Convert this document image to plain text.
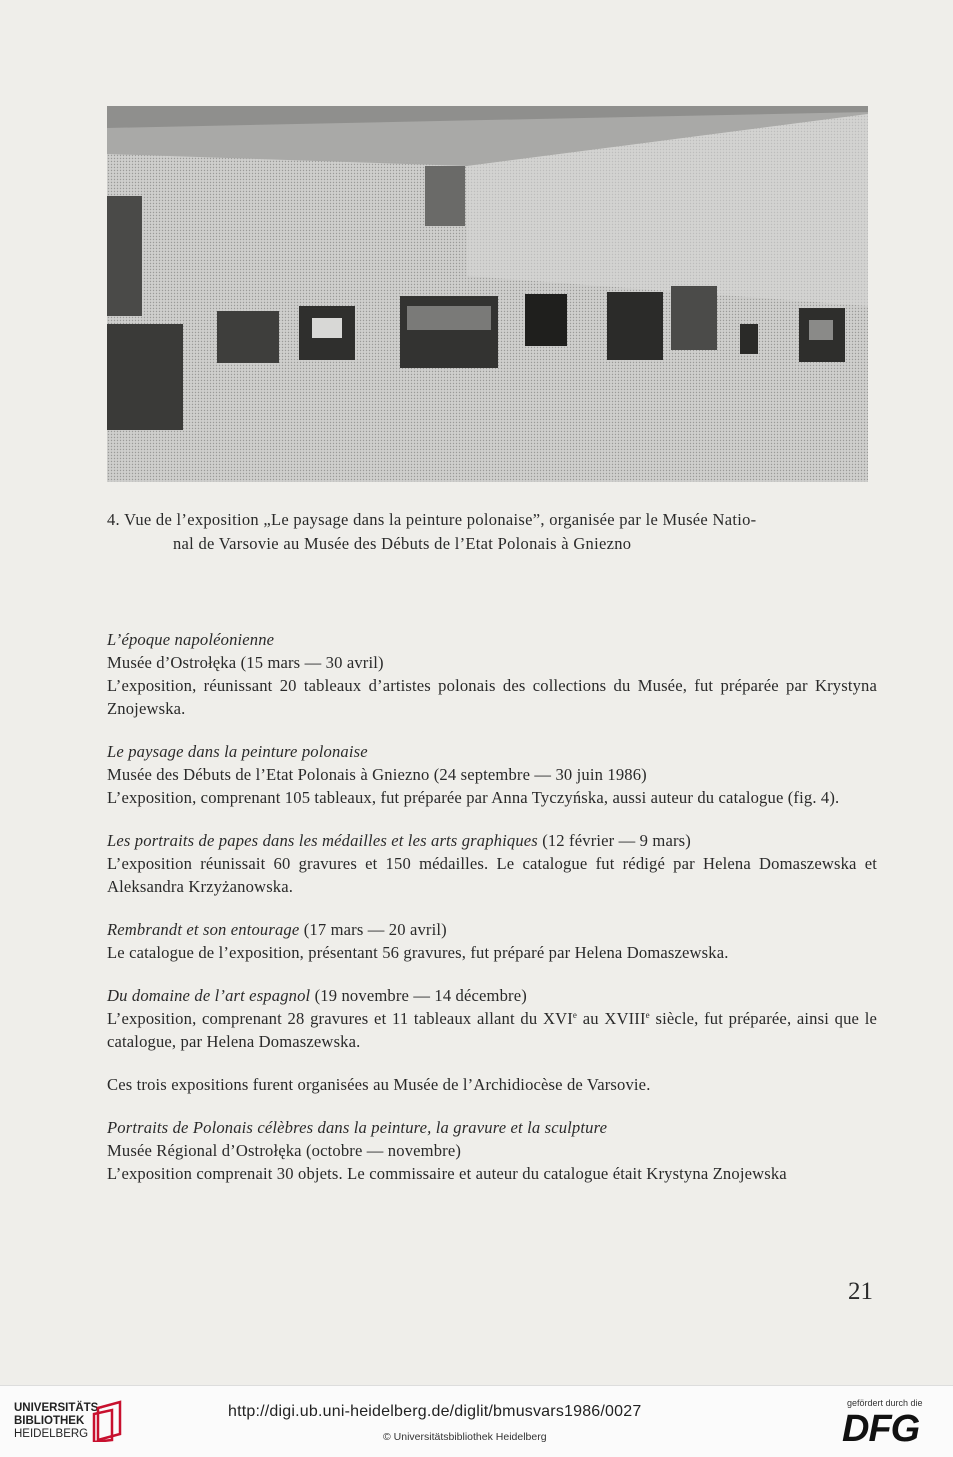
4. Vue de l’exposition „Le paysage dans la peinture polonaise”, organisée par le Musée Natio-
nal de Varsovie au Musée des Débuts de l’Etat Polonais à Gniezno

L’époque napoléonienne

Musée d’Ostrołęka (15 mars — 30 avril)

L’exposition, réunissant 20 tableaux d’artistes polonais des collections du Musée, fut préparée par Krystyna Znojewska.

Le paysage dans la peinture polonaise

Musée des Débuts de l’Etat Polonais à Gniezno (24 septembre — 30 juin 1986)

L’exposition, comprenant 105 tableaux, fut préparée par Anna Tyczyńska, aussi auteur du catalogue (fig. 4).

Les portraits de papes dans les médailles et les arts graphiques (12 février — 9 mars)

L’exposition réunissait 60 gravures et 150 médailles. Le catalogue fut rédigé par Helena Domaszewska et Aleksandra Krzyżanowska.

Rembrandt et son entourage (17 mars — 20 avril)

Le catalogue de l’exposition, présentant 56 gravures, fut préparé par Helena Domaszewska.

Du domaine de l’art espagnol (19 novembre — 14 décembre)

L’exposition, comprenant 28 gravures et 11 tableaux allant du XVIe au XVIIIe siècle, fut préparée, ainsi que le catalogue, par Helena Domaszewska.

Ces trois expositions furent organisées au Musée de l’Archidiocèse de Varsovie.

Portraits de Polonais célèbres dans la peinture, la gravure et la sculpture

Musée Régional d’Ostrołęka (octobre — novembre)

L’exposition comprenait 30 objets. Le commissaire et auteur du catalogue était Krystyna Znojewska

21
UNIVERSITÄTS-
BIBLIOTHEK
HEIDELBERG
http://digi.ub.uni-heidelberg.de/diglit/bmusvars1986/0027
© Universitätsbibliothek Heidelberg
gefördert durch die
DFG
